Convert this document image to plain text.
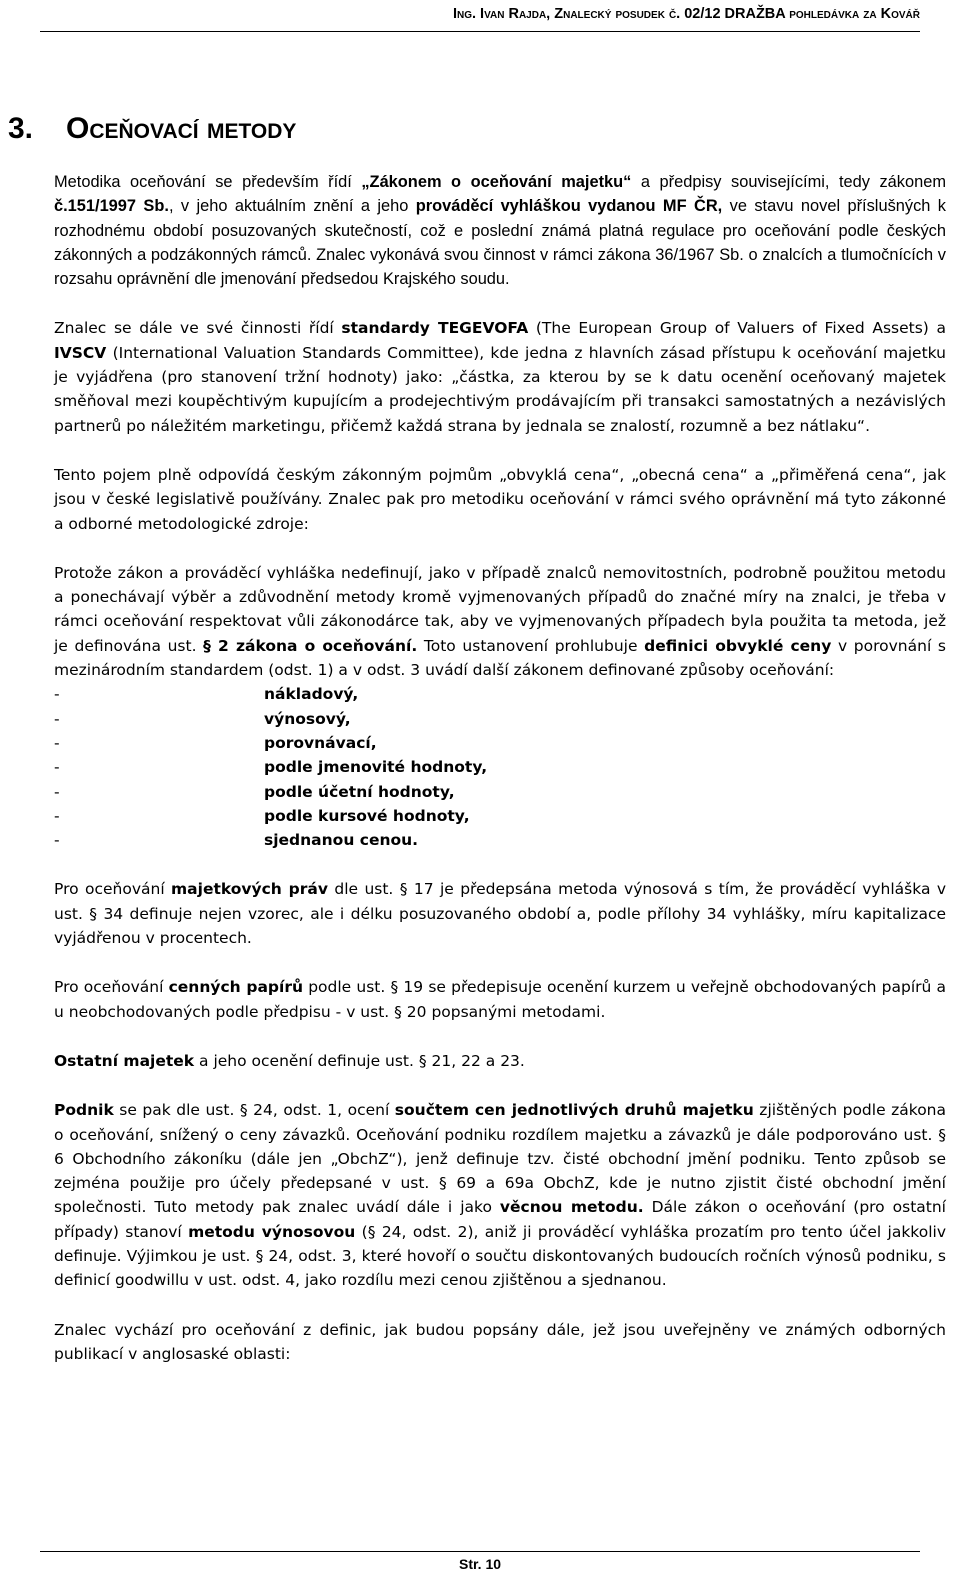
Ing. Ivan Rajda, Znalecký posudek č. 02/12 DRAŽBA pohledávka za Kovář
3. Oceňovací metody

Metodika oceňování se především řídí „Zákonem o oceňování majetku“ a předpisy souvisejícími, tedy zákonem č.151/1997 Sb., v jeho aktuálním znění a jeho prováděcí vyhláškou vydanou MF ČR, ve stavu novel příslušných k rozhodnému období posuzovaných skutečností, což e poslední známá platná regulace pro oceňování podle českých zákonných a podzákonných rámců. Znalec vykonává svou činnost v rámci zákona 36/1967 Sb. o znalcích a tlumočnících v rozsahu oprávnění dle jmenování předsedou Krajského soudu.

Znalec se dále ve své činnosti řídí standardy TEGEVOFA (The European Group of Valuers of Fixed Assets) a IVSCV (International Valuation Standards Committee), kde jedna z hlavních zásad přístupu k oceňování majetku je vyjádřena (pro stanovení tržní hodnoty) jako: „částka, za kterou by se k datu ocenění oceňovaný majetek směňoval mezi koupěchtivým kupujícím a prodejechtivým prodávajícím při transakci samostatných a nezávislých partnerů po náležitém marketingu, přičemž každá strana by jednala se znalostí, rozumně a bez nátlaku“.

Tento pojem plně odpovídá českým zákonným pojmům „obvyklá cena“, „obecná cena“ a „přiměřená cena“, jak jsou v české legislativě používány. Znalec pak pro metodiku oceňování v rámci svého oprávnění má tyto zákonné a odborné metodologické zdroje:

Protože zákon a prováděcí vyhláška nedefinují, jako v případě znalců nemovitostních, podrobně použitou metodu a ponechávají výběr a zdůvodnění metody kromě vyjmenovaných případů do značné míry na znalci, je třeba v rámci oceňování respektovat vůli zákonodárce tak, aby ve vyjmenovaných případech byla použita ta metoda, jež je definována ust. § 2 zákona o oceňování. Toto ustanovení prohlubuje definici obvyklé ceny v porovnání s mezinárodním standardem (odst. 1) a v odst. 3 uvádí další zákonem definované způsoby oceňování:

-	nákladový,
-	výnosový,
-	porovnávací,
-	podle jmenovité hodnoty,
-	podle účetní hodnoty,
-	podle kursové hodnoty,
-	sjednanou cenou.

Pro oceňování majetkových práv dle ust. § 17 je předepsána metoda výnosová s tím, že prováděcí vyhláška v ust. § 34 definuje nejen vzorec, ale i délku posuzovaného období a, podle přílohy 34 vyhlášky, míru kapitalizace vyjádřenou v procentech.

Pro oceňování cenných papírů podle ust. § 19 se předepisuje ocenění kurzem u veřejně obchodovaných papírů a u neobchodovaných podle předpisu - v ust. § 20 popsanými metodami.

Ostatní majetek a jeho ocenění definuje ust. § 21, 22 a 23.

Podnik se pak dle ust. § 24, odst. 1, ocení součtem cen jednotlivých druhů majetku zjištěných podle zákona o oceňování, snížený o ceny závazků. Oceňování podniku rozdílem majetku a závazků je dále podporováno ust. § 6 Obchodního zákoníku (dále jen „ObchZ“), jenž definuje tzv. čisté obchodní jmění podniku. Tento způsob se zejména použije pro účely předepsané v ust. § 69 a 69a ObchZ, kde je nutno zjistit čisté obchodní jmění společnosti. Tuto metody pak znalec uvádí dále i jako věcnou metodu. Dále zákon o oceňování (pro ostatní případy) stanoví metodu výnosovou (§ 24, odst. 2), aniž ji prováděcí vyhláška prozatím pro tento účel jakkoliv definuje. Výjimkou je ust. § 24, odst. 3, které hovoří o součtu diskontovaných budoucích ročních výnosů podniku, s definicí goodwillu v ust. odst. 4, jako rozdílu mezi cenou zjištěnou a sjednanou.

Znalec vychází pro oceňování z definic, jak budou popsány dále, jež jsou uveřejněny ve známých odborných publikací v anglosaské oblasti:

Str. 10
